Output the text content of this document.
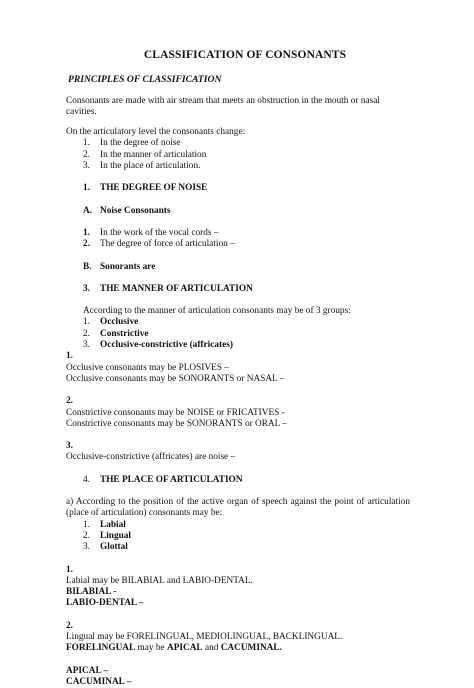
CLASSIFICATION OF CONSONANTS
PRINCIPLES OF CLASSIFICATION

Consonants are made with air stream that meets an obstruction in the mouth or nasal cavities.

On the articulatory level the consonants change:

1. In the degree of noise
2. In the manner of articulation
3. In the place of articulation.
1.	THE DEGREE OF NOISE
A. Noise Consonants
1. In the work of the vocal cords –
2. The degree of force of articulation –
B. Sonorants are
3.	THE MANNER OF ARTICULATION

According to the manner of articulation consonants may be of 3 groups:

1. Occlusive
2. Constrictive
3. Occlusive-constrictive (affricates)
1.
Occlusive consonants may be PLOSIVES –
Occlusive consonants may be SONORANTS or NASAL –
2.
Constrictive consonants may be NOISE or FRICATIVES -
Constrictive consonants may be SONORANTS or ORAL –
3.
Occlusive-constrictive (affricates) are noise –
4.	THE PLACE OF ARTICULATION

a) According to the position of the active organ of speech against the point of articulation (place of articulation) consonants may be:

1. Labial
2. Lingual
3. Glottal
1.
Labial may be BILABIAL and LABIO-DENTAL.
BILABIAL -
LABIO-DENTAL –
2.
Lingual may be FORELINGUAL, MEDIOLINGUAL, BACKLINGUAL.
FORELINGUAL may be APICAL and CACUMINAL.
APICAL –
CACUMINAL –
